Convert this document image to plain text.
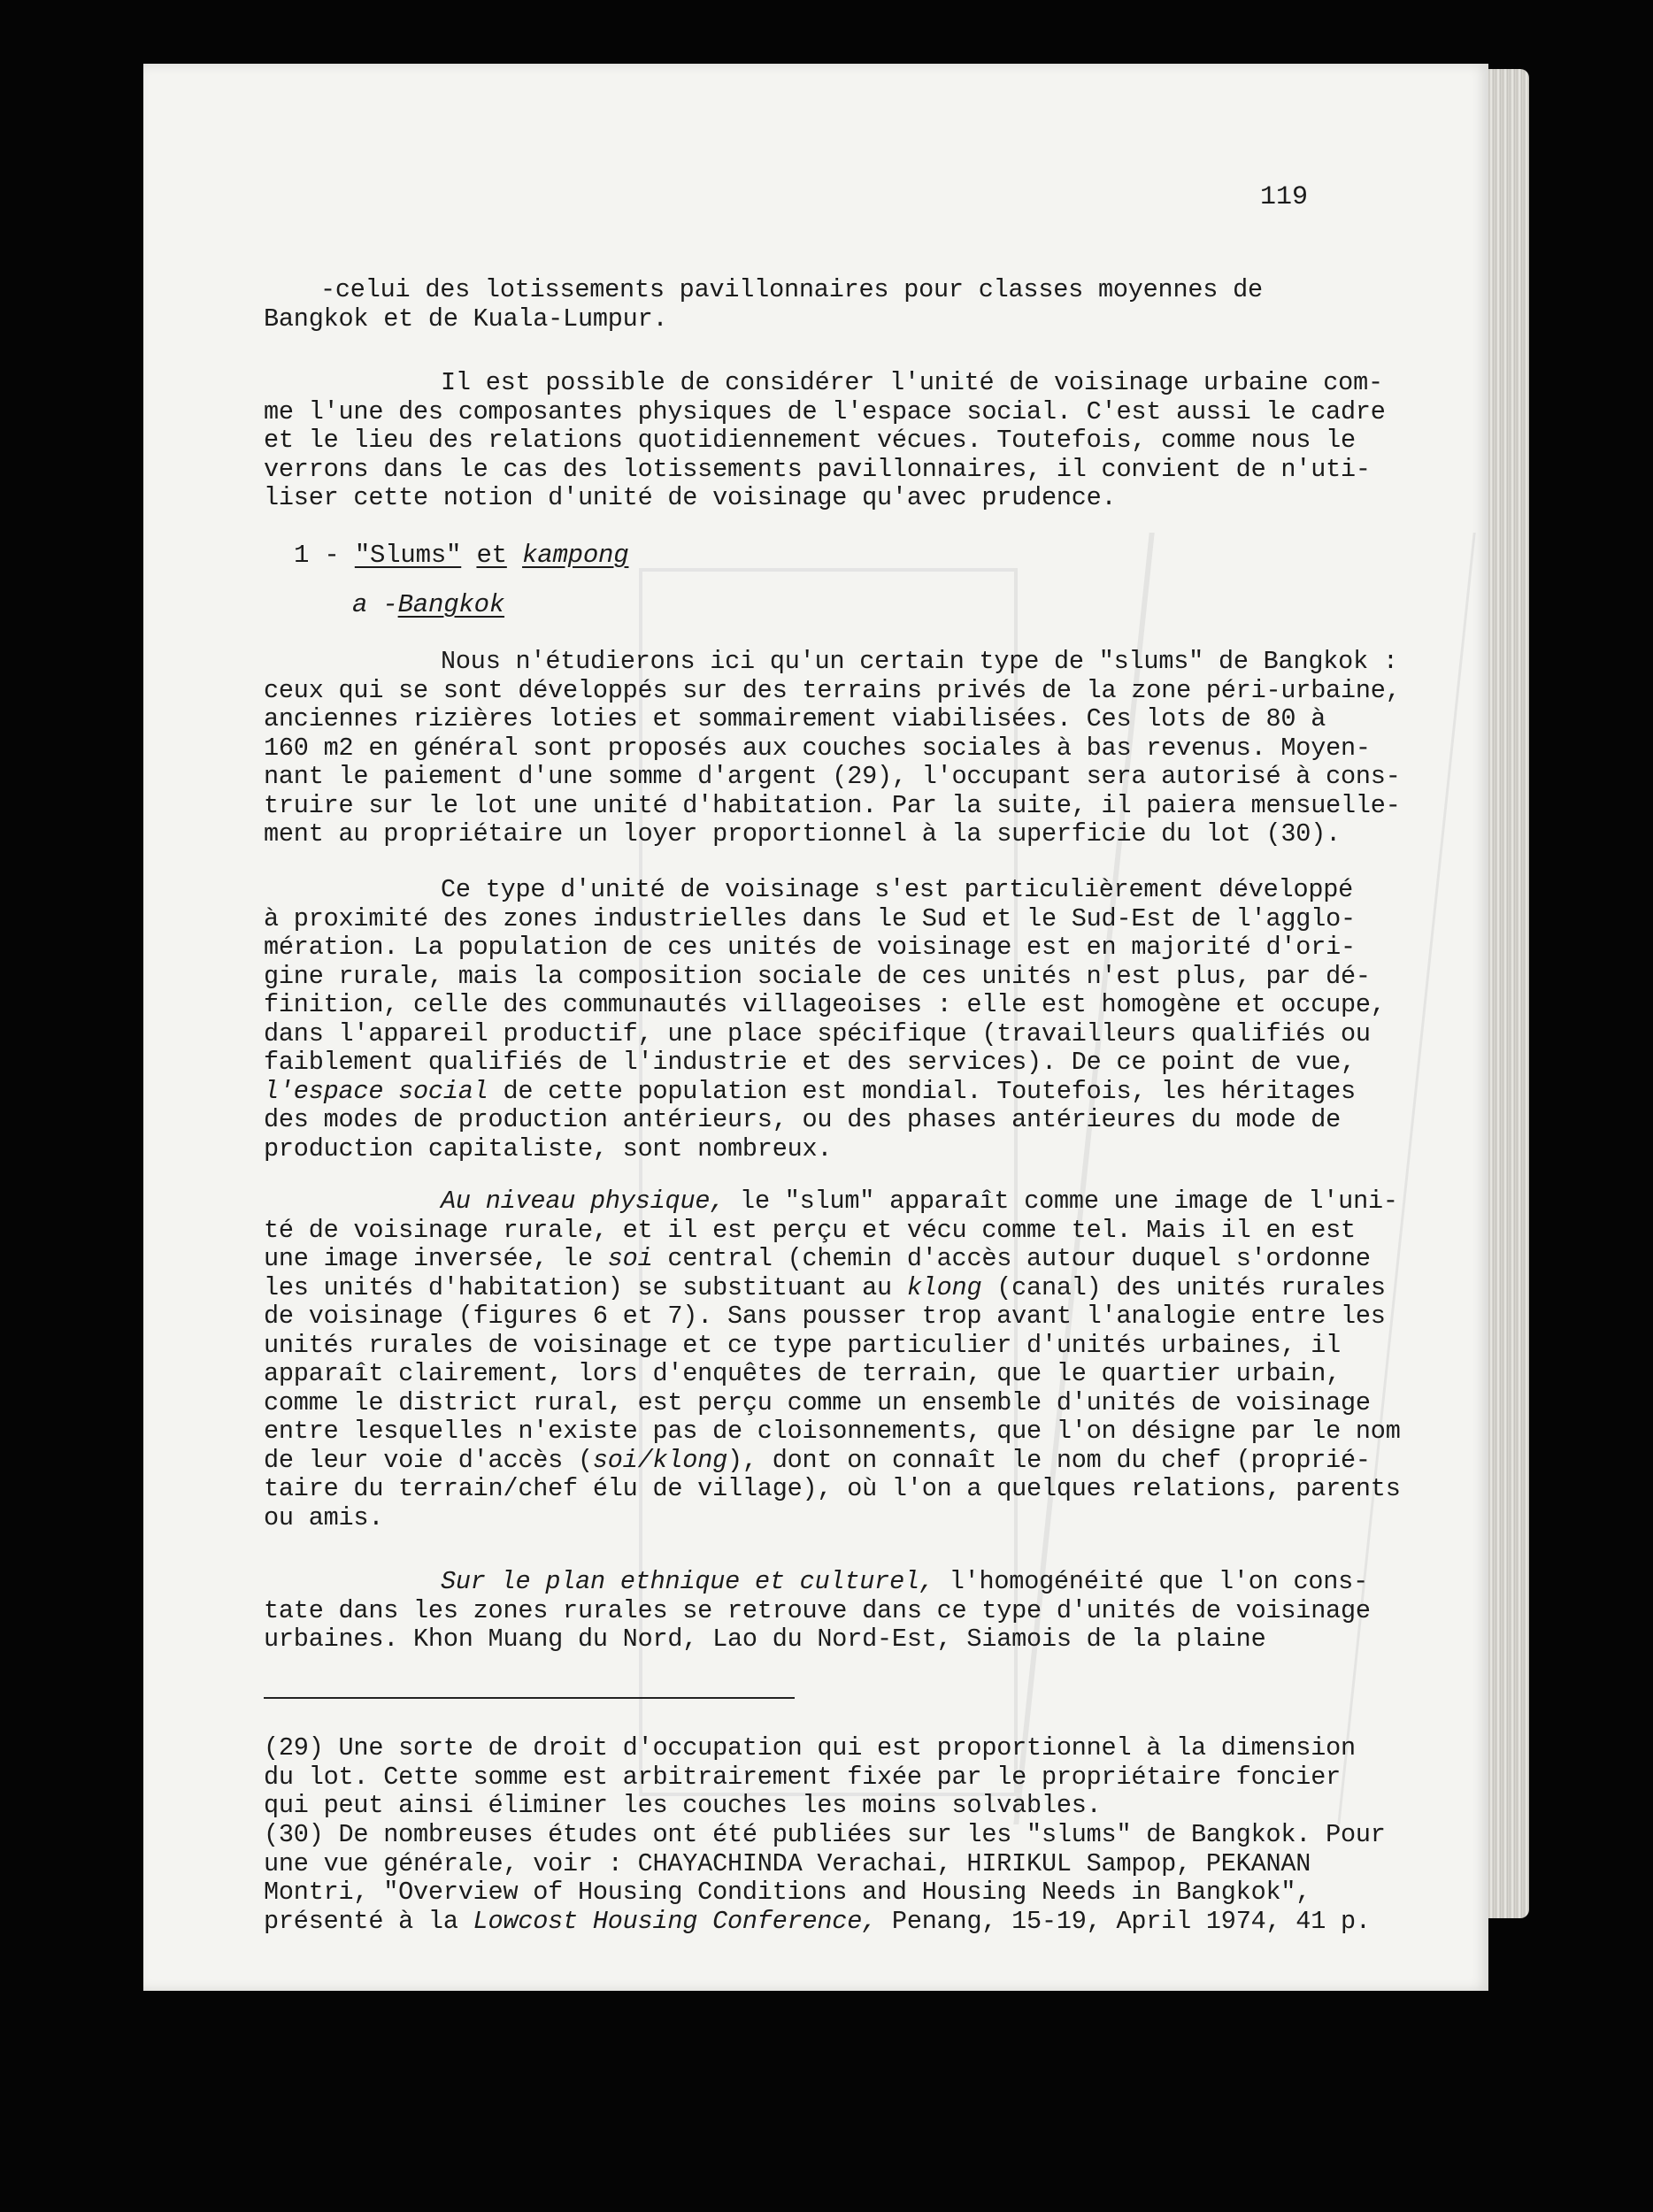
119
-celui des lotissements pavillonnaires pour classes moyennes de
Bangkok et de Kuala-Lumpur.
Il est possible de considérer l'unité de voisinage urbaine com-
me l'une des composantes physiques de l'espace social. C'est aussi le cadre
et le lieu des relations quotidiennement vécues. Toutefois, comme nous le
verrons dans le cas des lotissements pavillonnaires, il convient de n'uti-
liser cette notion d'unité de voisinage qu'avec prudence.
1 - "Slums" et kampong
a -Bangkok
Nous n'étudierons ici qu'un certain type de "slums" de Bangkok :
ceux qui se sont développés sur des terrains privés de la zone péri-urbaine,
anciennes rizières loties et sommairement viabilisées. Ces lots de 80 à
160 m2 en général sont proposés aux couches sociales à bas revenus. Moyen-
nant le paiement d'une somme d'argent (29), l'occupant sera autorisé à cons-
truire sur le lot une unité d'habitation. Par la suite, il paiera mensuelle-
ment au propriétaire un loyer proportionnel à la superficie du lot (30).
Ce type d'unité de voisinage s'est particulièrement développé
à proximité des zones industrielles dans le Sud et le Sud-Est de l'agglo-
mération. La population de ces unités de voisinage est en majorité d'ori-
gine rurale, mais la composition sociale de ces unités n'est plus, par dé-
finition, celle des communautés villageoises : elle est homogène et occupe,
dans l'appareil productif, une place spécifique (travailleurs qualifiés ou
faiblement qualifiés de l'industrie et des services). De ce point de vue,
l'espace social de cette population est mondial. Toutefois, les héritages
des modes de production antérieurs, ou des phases antérieures du mode de
production capitaliste, sont nombreux.
Au niveau physique, le "slum" apparaît comme une image de l'uni-
té de voisinage rurale, et il est perçu et vécu comme tel. Mais il en est
une image inversée, le soi central (chemin d'accès autour duquel s'ordonne
les unités d'habitation) se substituant au klong (canal) des unités rurales
de voisinage (figures 6 et 7). Sans pousser trop avant l'analogie entre les
unités rurales de voisinage et ce type particulier d'unités urbaines, il
apparaît clairement, lors d'enquêtes de terrain, que le quartier urbain,
comme le district rural, est perçu comme un ensemble d'unités de voisinage
entre lesquelles n'existe pas de cloisonnements, que l'on désigne par le nom
de leur voie d'accès (soi/klong), dont on connaît le nom du chef (proprié-
taire du terrain/chef élu de village), où l'on a quelques relations, parents
ou amis.
Sur le plan ethnique et culturel, l'homogénéité que l'on cons-
tate dans les zones rurales se retrouve dans ce type d'unités de voisinage
urbaines. Khon Muang du Nord, Lao du Nord-Est, Siamois de la plaine
(29) Une sorte de droit d'occupation qui est proportionnel à la dimension
du lot. Cette somme est arbitrairement fixée par le propriétaire foncier
qui peut ainsi éliminer les couches les moins solvables.
(30) De nombreuses études ont été publiées sur les "slums" de Bangkok. Pour
une vue générale, voir : CHAYACHINDA Verachai, HIRIKUL Sampop, PEKANAN
Montri, "Overview of Housing Conditions and Housing Needs in Bangkok",
présenté à la Lowcost Housing Conference, Penang, 15-19, April 1974, 41 p.
